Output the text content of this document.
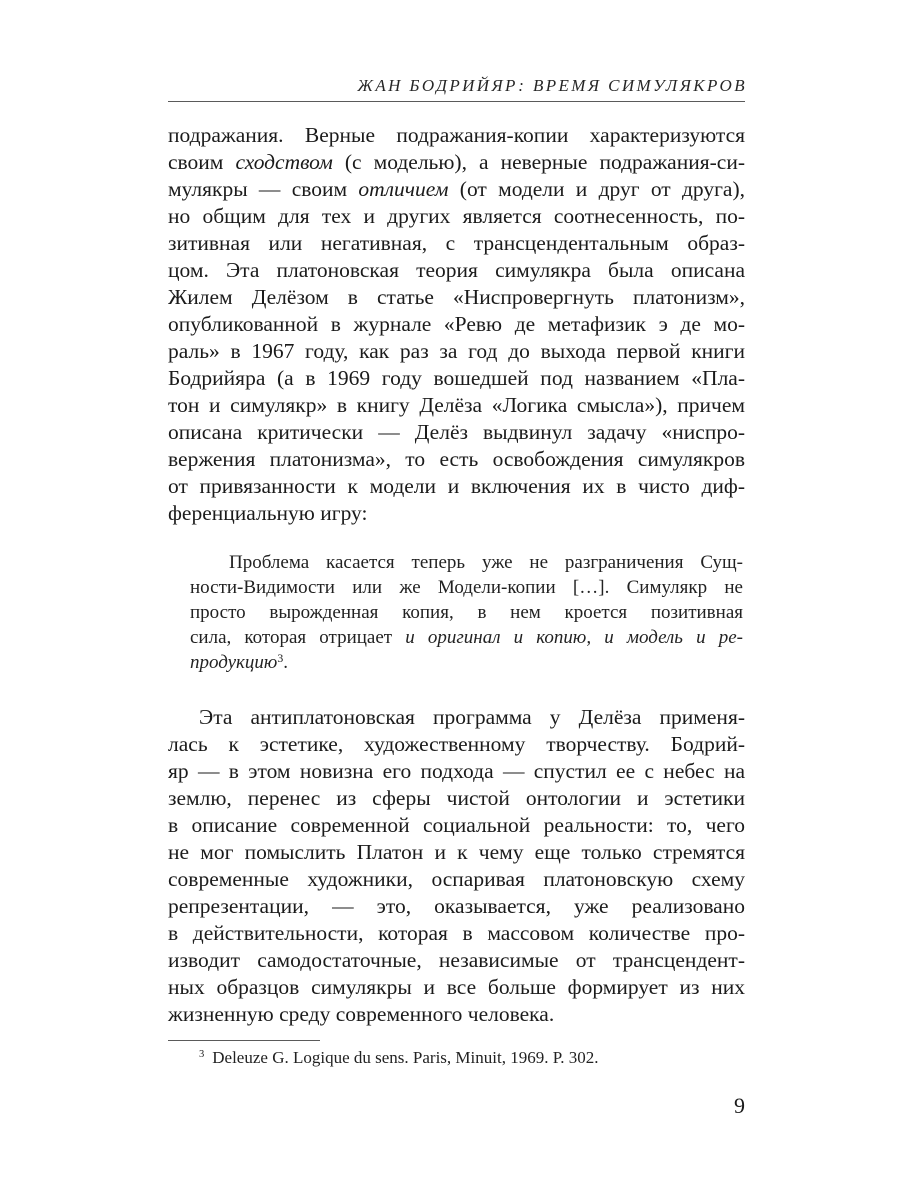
ЖАН БОДРИЙЯР: ВРЕМЯ СИМУЛЯКРОВ
подражания. Верные подражания-копии характеризуются
своим сходством (с моделью), а неверные подражания-си-
мулякры — своим отличием (от модели и друг от друга),
но общим для тех и других является соотнесенность, по-
зитивная или негативная, с трансцендентальным образ-
цом. Эта платоновская теория симулякра была описана
Жилем Делёзом в статье «Ниспровергнуть платонизм»,
опубликованной в журнале «Ревю де метафизик э де мо-
раль» в 1967 году, как раз за год до выхода первой книги
Бодрийяра (а в 1969 году вошедшей под названием «Пла-
тон и симулякр» в книгу Делёза «Логика смысла»), причем
описана критически — Делёз выдвинул задачу «ниспро-
вержения платонизма», то есть освобождения симулякров
от привязанности к модели и включения их в чисто диф-
ференциальную игру:
Проблема касается теперь уже не разграничения Сущ-
ности-Видимости или же Модели-копии […]. Симулякр не
просто вырожденная копия, в нем кроется позитивная
сила, которая отрицает и оригинал и копию, и модель и ре-
продукцию$^3$.
Эта антиплатоновская программа у Делёза применя-
лась к эстетике, художественному творчеству. Бодрий-
яр — в этом новизна его подхода — спустил ее с небес на
землю, перенес из сферы чистой онтологии и эстетики
в описание современной социальной реальности: то, чего
не мог помыслить Платон и к чему еще только стремятся
современные художники, оспаривая платоновскую схему
репрезентации, — это, оказывается, уже реализовано
в действительности, которая в массовом количестве про-
изводит самодостаточные, независимые от трансцендент-
ных образцов симулякры и все больше формирует из них
жизненную среду современного человека.
$^3$ Deleuze G. Logique du sens. Paris, Minuit, 1969. P. 302.
9
